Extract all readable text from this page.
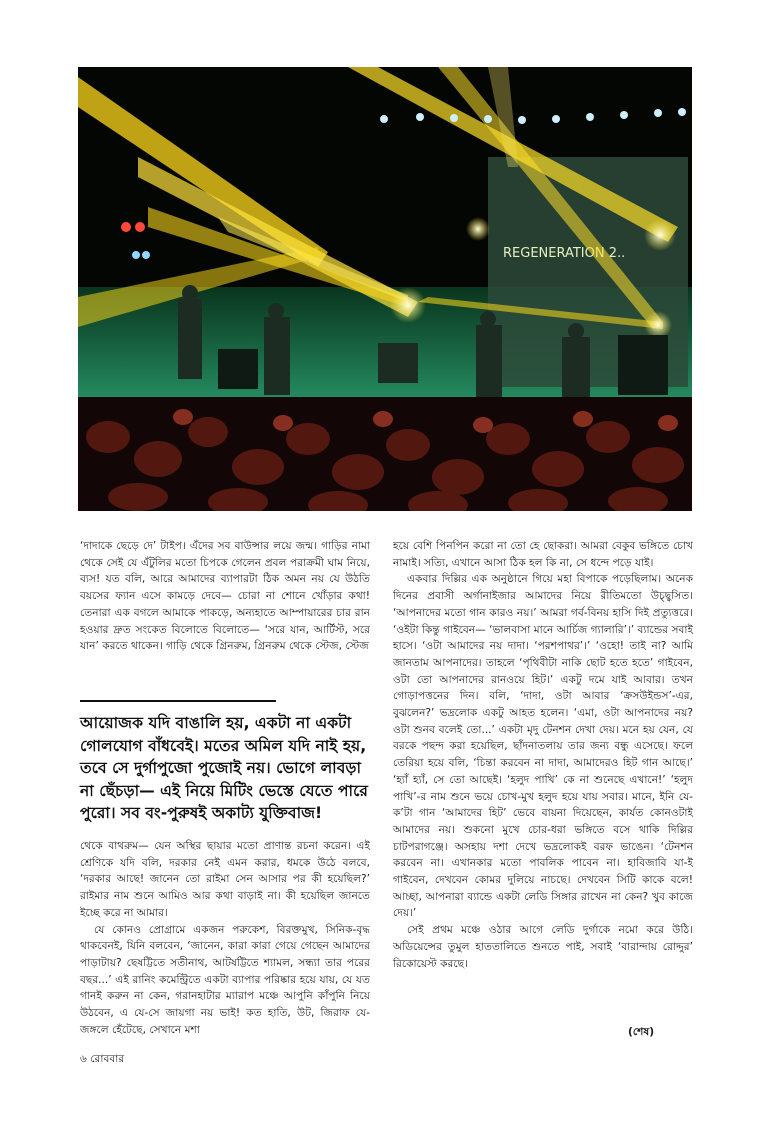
REGENERATION 2..

‘দাদাকে ছেড়ে দে’ টাইপ। এঁদের সব বাউন্সার লয়ে জন্ম। গাড়ির নামা থেকে সেই যে এঁটুলির মতো চিপকে গেলেন প্রবল পরাক্রমী ঘাম নিয়ে, ব্যস! যত বলি, আরে আমাদের ব্যাপারটা ঠিক অমন নয় যে উঠতি বয়সের ফ্যান এসে কামড়ে দেবে— চোরা না শোনে খোঁড়ার কথা! তেনারা এক বগলে আমাকে পাকড়ে, অন্যহাতে আম্পায়ারের চার রান হওয়ার দ্রুত সংকেত বিলোতে বিলোতে— ‘সরে যান, আর্টিস্ট, সরে যান’ করতে থাকেন। গাড়ি থেকে গ্রিনরুম, গ্রিনরুম থেকে স্টেজ, স্টেজ

আয়োজক যদি বাঙালি হয়, একটা না একটা গোলযোগ বাঁধবেই। মতের অমিল যদি নাই হয়, তবে সে দুর্গাপুজো পুজোই নয়। ভোগে লাবড়া না ছেঁচড়া— এই নিয়ে মিটিং ভেস্তে যেতে পারে পুরো। সব বং-পুরুষই অকাট্য যুক্তিবাজ!

থেকে বাথরুম— যেন অস্থির ছায়ার মতো প্রাণান্ত রচনা করেন। এই শ্রেণিকে যদি বলি, দরকার নেই এমন করার, ধমকে উঠে বলবে, ‘দরকার আছে! জানেন তো রাইমা সেন আসার পর কী হয়েছিল?’ রাইমার নাম শুনে আমিও আর কথা বাড়াই না। কী হয়েছিল জানতে ইচ্ছে করে না আমার।

যে কোনও প্রোগ্রামে একজন পরুকেশ, বিরক্তমুখ, সিনিক-বৃদ্ধ থাকবেনই, যিনি বলবেন, ‘জানেন, কারা কারা গেয়ে গেছেন আমাদের পাড়াটায়? ছেষট্টিতে সতীনাথ, আটষট্টিতে শ্যামল, সন্ধ্যা তার পরের বছর...’ এই রানিং কমেন্ট্রিতে একটা ব্যাপার পরিষ্কার হয়ে যায়, যে যত গানই করুন না কেন, গরানহাটার ম্যারাপ মঞ্চে আপুনি কাঁপুনি নিয়ে উঠবেন, এ যে-সে জায়গা নয় ভাই! কত হাতি, উট, জিরাফ যে-জঙ্গলে হেঁটেছে, সেখানে মশা

হয়ে বেশি পিনপিন করো না তো হে ছোকরা। আমরা বেকুব ভঙ্গিতে চোখ নামাই। সত্যি, এখানে আসা ঠিক হল কি না, সে ধন্দে পড়ে যাই।

একবার দিল্লির এক অনুষ্ঠানে গিয়ে মহা বিপাকে পড়েছিলাম। অনেক দিনের প্রবাসী অর্গানাইজার আমাদের নিয়ে রীতিমতো উচ্ছ্বসিত। ‘আপনাদের মতো গান কারও নয়।’ আমরা গর্ব-বিনয় হাসি দিই প্রত্যুত্তরে। ‘ওইটা কিন্তু গাইবেন— ‘ভালবাসা মানে আর্চিজ গ্যালারি’।’ ব্যান্ডের সবাই হাসে। ‘ওটা আমাদের নয় দাদা। ‘পরশপাথর’।’ ‘ওহো! তাই না? আমি জানতাম আপনাদের। তাহলে ‘পৃথিবীটা নাকি ছোট হতে হতে’ গাইবেন, ওটা তো আপনাদের রানওয়ে হিট।’ একটু দমে যাই আবার। তখন গোড়াপত্তনের দিন। বলি, ‘দাদা, ওটা আবার ‘ক্রসউইন্ডস’-এর, বুঝলেন?’ ভদ্রলোক একটু আহত হলেন। ‘এমা, ওটা আপনাদের নয়? ওটা শুনব বলেই তো...’ একটা মৃদু টেনশন দেখা দেয়। মনে হয় যেন, যে বরকে পছন্দ করা হয়েছিল, ছাঁদনাতলায় তার জন্য বন্ধু এসেছে। ফলে তেরিয়া হয়ে বলি, ‘চিন্তা করবেন না দাদা, আমাদেরও হিট গান আছে।’ ‘হ্যাঁ হ্যাঁ, সে তো আছেই। ‘হলুদ পাখি’ কে না শুনেছে এখানে!’ ‘হলুদ পাখি’-র নাম শুনে ভয়ে চোখ-মুখ হলুদ হয়ে যায় সবার। মানে, ইনি যে-ক’টা গান ‘আমাদের হিট’ ভেবে বায়না দিয়েছেন, কার্যত কোনওটাই আমাদের নয়। শুকনো মুখে চোর-ধরা ভঙ্গিতে বসে থাকি দিল্লির চাটপরাগঞ্জে। অসহায় দশা দেখে ভদ্রলোকই বরফ ভাঙেন। ‘টেনশন করবেন না। এখানকার মতো পাবলিক পাবেন না। হাবিজাবি যা-ই গাইবেন, দেখবেন কোমর দুলিয়ে নাচছে। দেখবেন সিটি কাকে বলে! আচ্ছা, আপনারা ব্যান্ডে একটা লেডি সিঙ্গার রাখেন না কেন? খুব কাজে দেয়।’

সেই প্রথম মঞ্চে ওঠার আগে লেডি দুর্গাকে নমো করে উঠি। অডিয়েন্সের তুমুল হাততালিতে শুনতে পাই, সবাই ‘বারান্দায় রোদ্দুর’ রিকোয়েস্ট করছে।

(শেষ)
৬ রোববার
